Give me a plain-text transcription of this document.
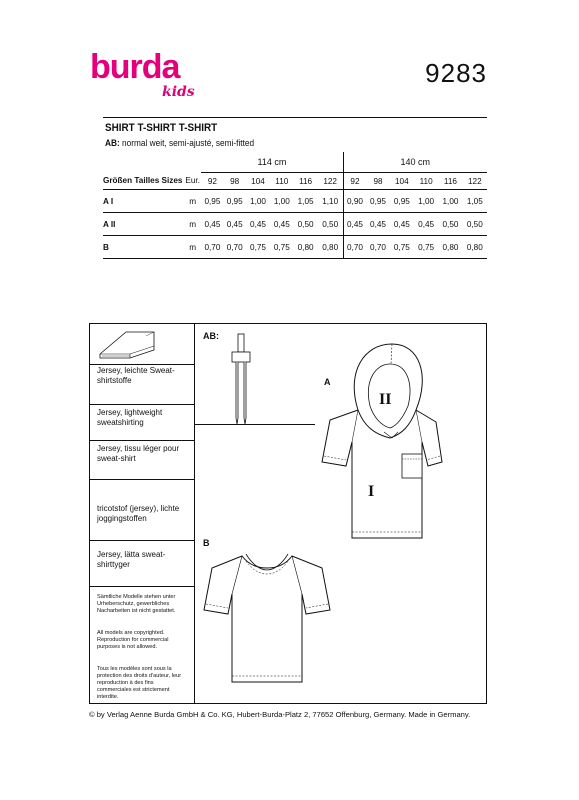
burda
kids
9283
SHIRT T-SHIRT T-SHIRT
AB: normal weit, semi-ajusté, semi-fitted
		114 cm						140 cm					
Größen Tailles Sizes	Eur.	92	98	104	110	116	122	92	98	104	110	116	122
A I	m	0,95	0,95	1,00	1,00	1,05	1,10	0,90	0,95	0,95	1,00	1,00	1,05
A II	m	0,45	0,45	0,45	0,45	0,50	0,50	0,45	0,45	0,45	0,45	0,50	0,50
B	m	0,70	0,70	0,75	0,75	0,80	0,80	0,70	0,70	0,75	0,75	0,80	0,80
Jersey, leichte Sweat-shirtstoffe
Jersey, lightweight sweatshirting
Jersey, tissu léger pour sweat-shirt
tricotstof (jersey), lichte joggingstoffen
Jersey, lätta sweat-shirttyger
Sämtliche Modelle stehen unter Urheberschutz, gewerbliches Nacharbeiten ist nicht gestattet.
All models are copyrighted. Reproduction for commercial purposes is not allowed.
Tous les modèles sont sous la protection des droits d'auteur, leur reproduction à des fins commerciales est strictement interdite.
AB:
A
B
II
I
© by Verlag Aenne Burda GmbH & Co. KG, Hubert-Burda-Platz 2, 77652 Offenburg, Germany. Made in Germany.
